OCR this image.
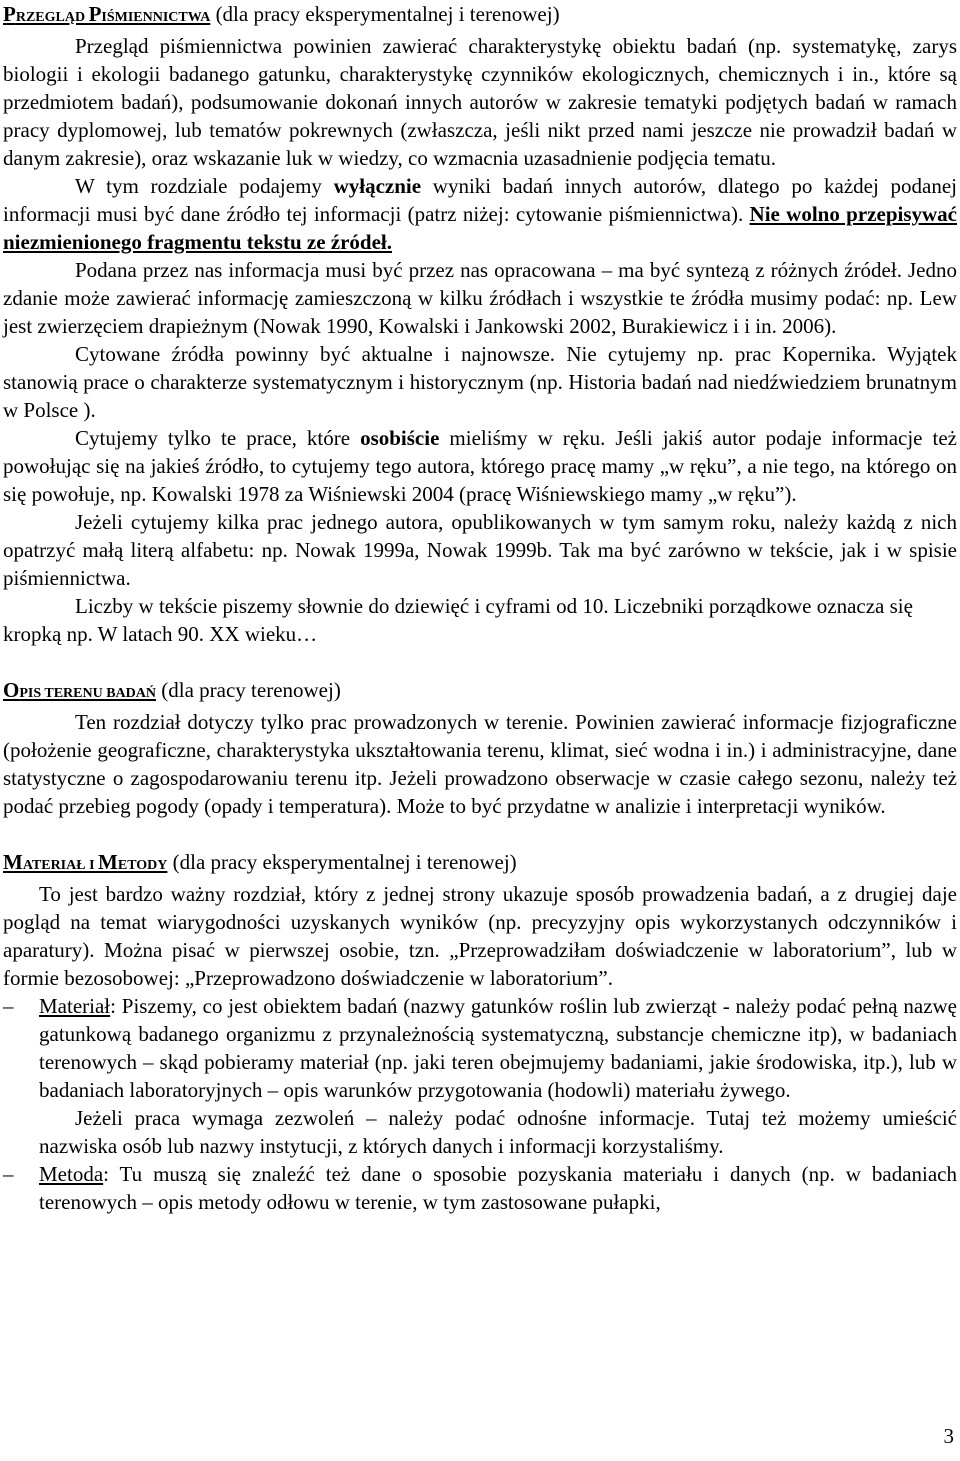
PRZEGLĄD PIŚMIENNICTWA (dla pracy eksperymentalnej i terenowej)

Przegląd piśmiennictwa powinien zawierać charakterystykę obiektu badań (np. systematykę, zarys biologii i ekologii badanego gatunku, charakterystykę czynników ekologicznych, chemicznych i in., które są przedmiotem badań), podsumowanie dokonań innych autorów w zakresie tematyki podjętych badań w ramach pracy dyplomowej, lub tematów pokrewnych (zwłaszcza, jeśli nikt przed nami jeszcze nie prowadził badań w danym zakresie), oraz wskazanie luk w wiedzy, co wzmacnia uzasadnienie podjęcia tematu.

W tym rozdziale podajemy wyłącznie wyniki badań innych autorów, dlatego po każdej podanej informacji musi być dane źródło tej informacji (patrz niżej: cytowanie piśmiennictwa). Nie wolno przepisywać niezmienionego fragmentu tekstu ze źródeł.

Podana przez nas informacja musi być przez nas opracowana – ma być syntezą z różnych źródeł. Jedno zdanie może zawierać informację zamieszczoną w kilku źródłach i wszystkie te źródła musimy podać: np. Lew jest zwierzęciem drapieżnym (Nowak 1990, Kowalski i Jankowski 2002, Burakiewicz i i in. 2006).

Cytowane źródła powinny być aktualne i najnowsze. Nie cytujemy np. prac Kopernika. Wyjątek stanowią prace o charakterze systematycznym i historycznym (np. Historia badań nad niedźwiedziem brunatnym w Polsce ).

Cytujemy tylko te prace, które osobiście mieliśmy w ręku. Jeśli jakiś autor podaje informacje też powołując się na jakieś źródło, to cytujemy tego autora, którego pracę mamy „w ręku”, a nie tego, na którego on się powołuje, np. Kowalski 1978 za Wiśniewski 2004 (pracę Wiśniewskiego mamy „w ręku”).

Jeżeli cytujemy kilka prac jednego autora, opublikowanych w tym samym roku, należy każdą z nich opatrzyć małą literą alfabetu: np. Nowak 1999a, Nowak 1999b. Tak ma być zarówno w tekście, jak i w spisie piśmiennictwa.

Liczby w tekście piszemy słownie do dziewięć i cyframi od 10. Liczebniki porządkowe oznacza się kropką np. W latach 90. XX wieku…

OPIS TERENU BADAŃ (dla pracy terenowej)

Ten rozdział dotyczy tylko prac prowadzonych w terenie. Powinien zawierać informacje fizjograficzne (położenie geograficzne, charakterystyka ukształtowania terenu, klimat, sieć wodna i in.) i administracyjne, dane statystyczne o zagospodarowaniu terenu itp. Jeżeli prowadzono obserwacje w czasie całego sezonu, należy też podać przebieg pogody (opady i temperatura). Może to być przydatne w analizie i interpretacji wyników.

MATERIAŁ I METODY (dla pracy eksperymentalnej i terenowej)

To jest bardzo ważny rozdział, który z jednej strony ukazuje sposób prowadzenia badań, a z drugiej daje pogląd na temat wiarygodności uzyskanych wyników (np. precyzyjny opis wykorzystanych odczynników i aparatury). Można pisać w pierwszej osobie, tzn. „Przeprowadziłam doświadczenie w laboratorium”, lub w formie bezosobowej: „Przeprowadzono doświadczenie w laboratorium”.

– Materiał: Piszemy, co jest obiektem badań (nazwy gatunków roślin lub zwierząt - należy podać pełną nazwę gatunkową badanego organizmu z przynależnością systematyczną, substancje chemiczne itp), w badaniach terenowych – skąd pobieramy materiał (np. jaki teren obejmujemy badaniami, jakie środowiska, itp.), lub w badaniach laboratoryjnych – opis warunków przygotowania (hodowli) materiału żywego.

Jeżeli praca wymaga zezwoleń – należy podać odnośne informacje. Tutaj też możemy umieścić nazwiska osób lub nazwy instytucji, z których danych i informacji korzystaliśmy.

– Metoda: Tu muszą się znaleźć też dane o sposobie pozyskania materiału i danych (np. w badaniach terenowych – opis metody odłowu w terenie, w tym zastosowane pułapki,

3
